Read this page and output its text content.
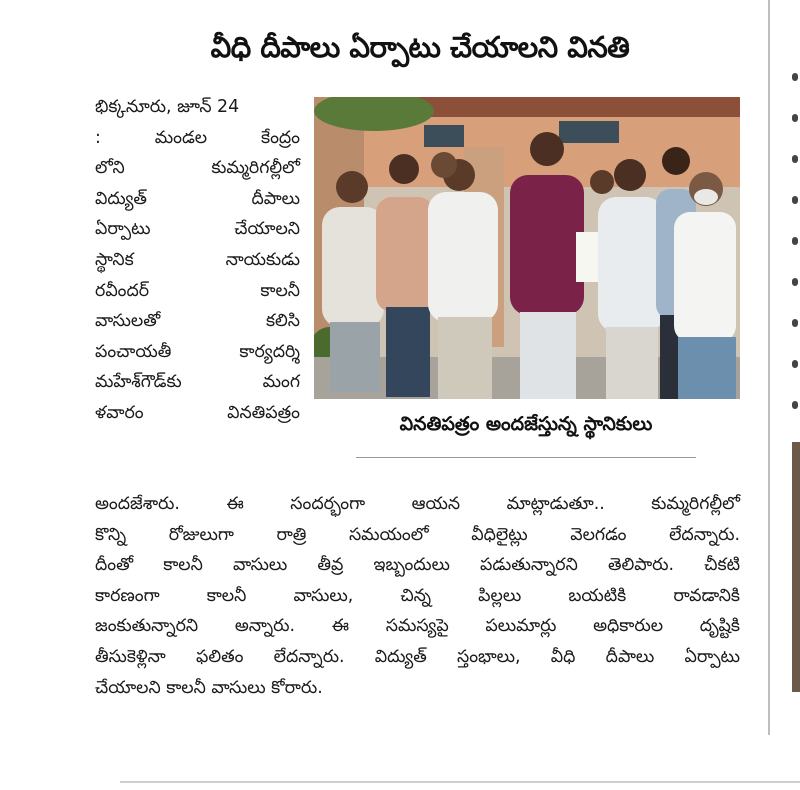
వీధి దీపాలు ఏర్పాటు చేయాలని వినతి

భిక్కనూరు, జూన్ 24

: మండల కేంద్రం

లోని కుమ్మరిగల్లీలో

విద్యుత్ దీపాలు

ఏర్పాటు చేయాలని

స్థానిక నాయకుడు

రవీందర్ కాలనీ

వాసులతో కలిసి

పంచాయతీ కార్యదర్శి

మహేశ్‌గౌడ్‌కు మంగ

ళవారం వినతిపత్రం

వినతిపత్రం అందజేస్తున్న స్థానికులు

అందజేశారు. ఈ సందర్భంగా ఆయన మాట్లాడుతూ.. కుమ్మరిగల్లీలో

కొన్ని రోజులుగా రాత్రి సమయంలో వీధిలైట్లు వెలగడం లేదన్నారు.

దీంతో కాలనీ వాసులు తీవ్ర ఇబ్బందులు పడుతున్నారని తెలిపారు. చీకటి

కారణంగా కాలనీ వాసులు, చిన్న పిల్లలు బయటికి రావడానికి

జంకుతున్నారని అన్నారు. ఈ సమస్యపై పలుమార్లు అధికారుల దృష్టికి

తీసుకెళ్లినా ఫలితం లేదన్నారు. విద్యుత్ స్తంభాలు, వీధి దీపాలు ఏర్పాటు

చేయాలని కాలనీ వాసులు కోరారు.
